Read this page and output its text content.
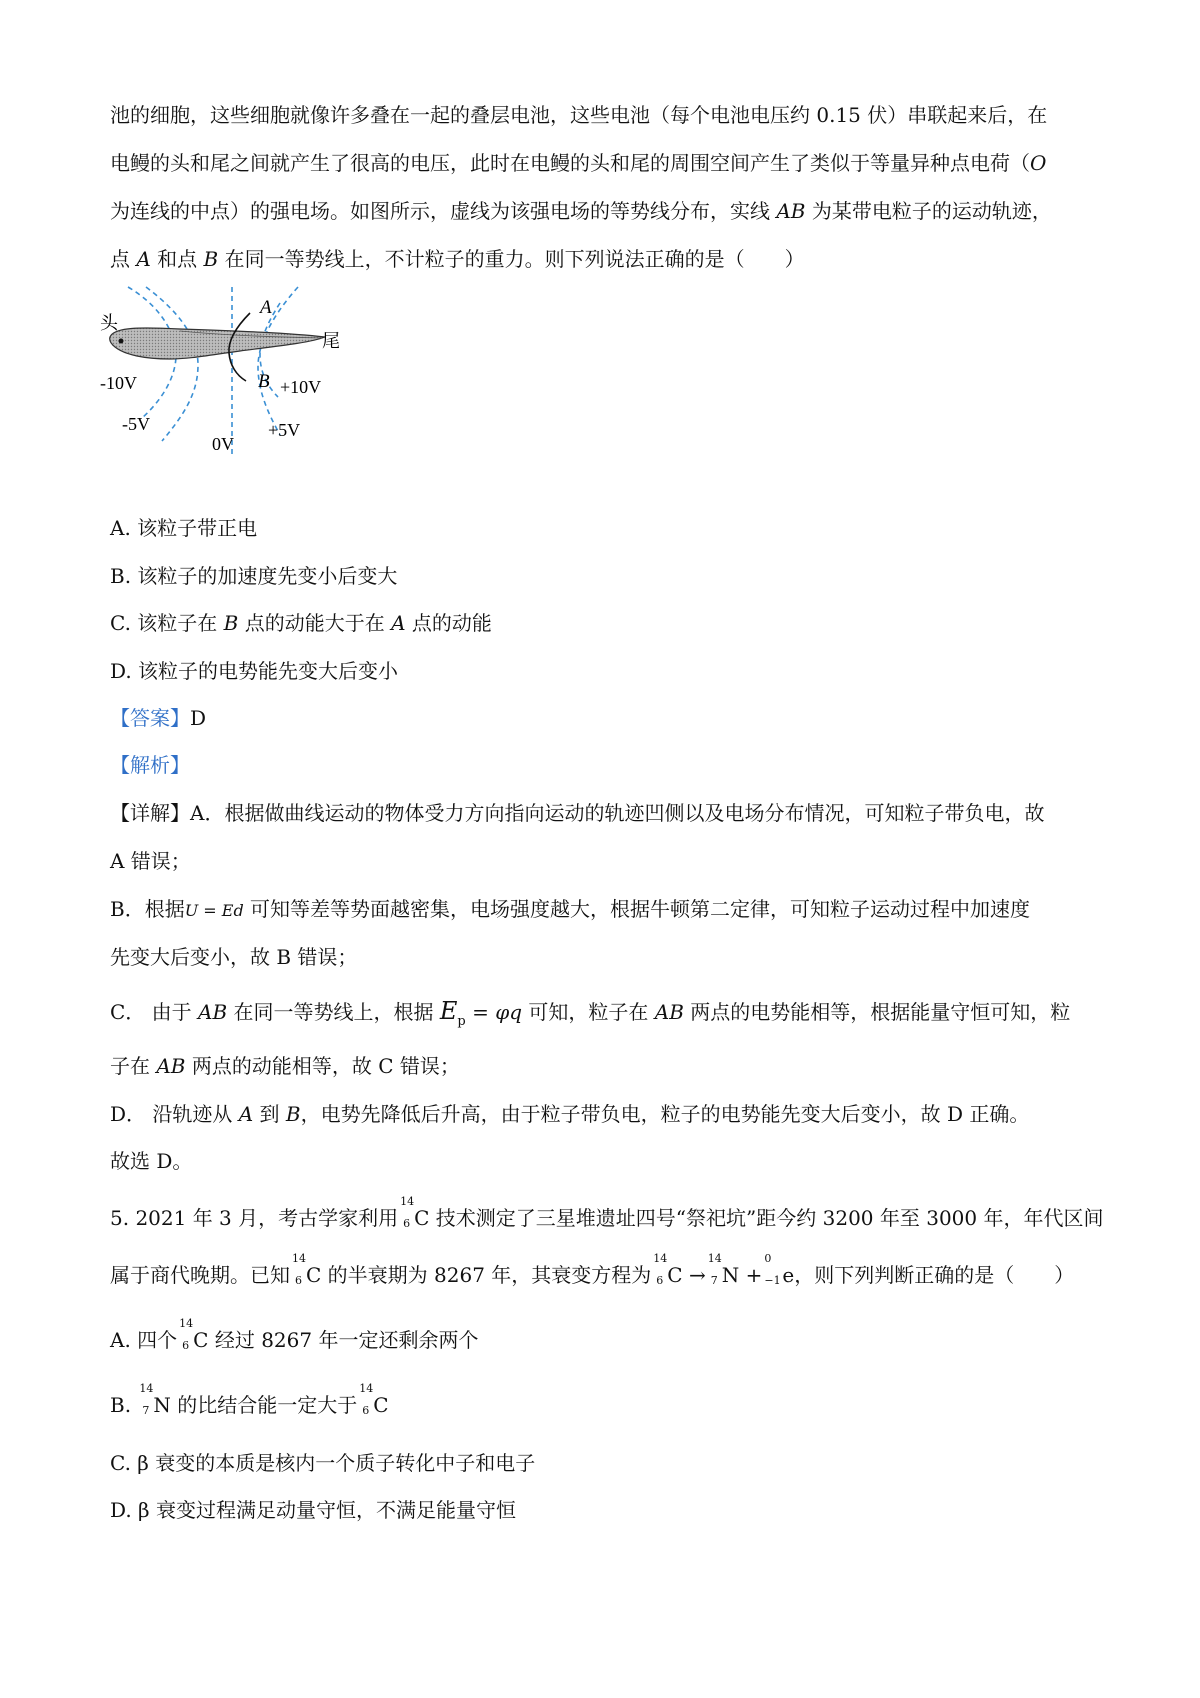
池的细胞，这些细胞就像许多叠在一起的叠层电池，这些电池（每个电池电压约 0.15 伏）串联起来后，在
电鳗的头和尾之间就产生了很高的电压，此时在电鳗的头和尾的周围空间产生了类似于等量异种点电荷（O
为连线的中点）的强电场。如图所示，虚线为该强电场的等势线分布，实线 AB 为某带电粒子的运动轨迹，
点 A 和点 B 在同一等势线上，不计粒子的重力。则下列说法正确的是（　　）
头
尾
A
B
-10V
-5V
0V
+10V
+5V
A. 该粒子带正电
B. 该粒子的加速度先变小后变大
C. 该粒子在 B 点的动能大于在 A 点的动能
D. 该粒子的电势能先变大后变小
【答案】D
【解析】
【详解】A．根据做曲线运动的物体受力方向指向运动的轨迹凹侧以及电场分布情况，可知粒子带负电，故
A 错误；
B．根据U = Ed 可知等差等势面越密集，电场强度越大，根据牛顿第二定律，可知粒子运动过程中加速度
先变大后变小，故 B 错误；
C． 由于 AB 在同一等势线上，根据 $E_p = \varphi q$ 可知，粒子在 AB 两点的电势能相等，根据能量守恒可知，粒
子在 AB 两点的动能相等，故 C 错误；
D． 沿轨迹从 A 到 B，电势先降低后升高，由于粒子带负电，粒子的电势能先变大后变小，故 D 正确。
故选 D。
5. 2021 年 3 月，考古学家利用
14
6 C 技术测定了三星堆遗址四号“祭祀坑”距今约 3200 年至 3000 年，年代区间
属于商代晚期。已知
14
6 C 的半衰期为 8267 年，其衰变方程为
14
6 C →
14
7 N +
0
−1 e，则下列判断正确的是（　　）
A. 四个
14
6 C 经过 8267 年一定还剩余两个
B.
14
7 N 的比结合能一定大于
14
6 C
C. β 衰变的本质是核内一个质子转化中子和电子
D. β 衰变过程满足动量守恒，不满足能量守恒
